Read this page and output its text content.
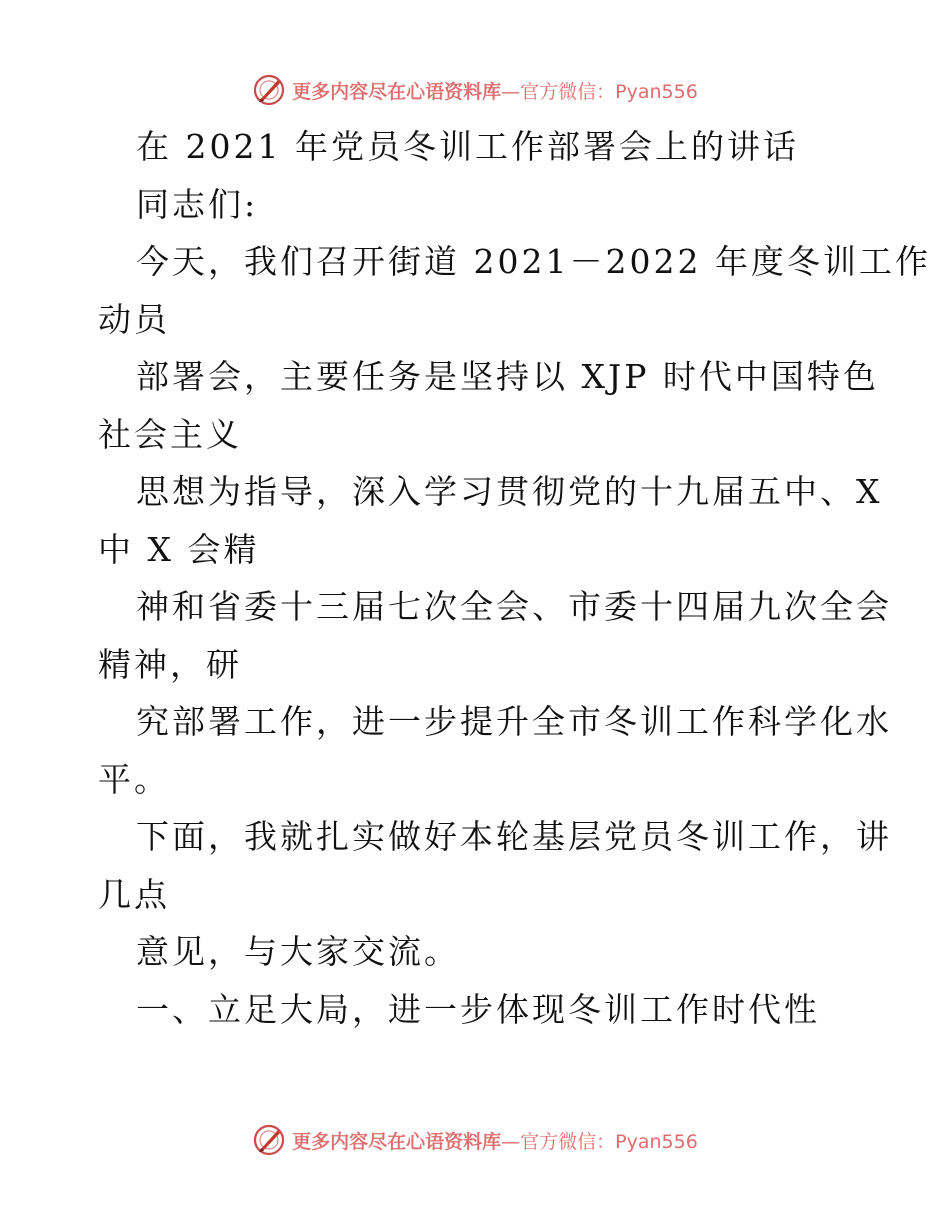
更多内容尽在心语资料库—官方微信：Pyan556
在 2021 年党员冬训工作部署会上的讲话
同志们:
今天，我们召开街道 2021－2022 年度冬训工作
动员
部署会，主要任务是坚持以 XJP 时代中国特色
社会主义
思想为指导，深入学习贯彻党的十九届五中、X
中 X 会精
神和省委十三届七次全会、市委十四届九次全会
精神，研
究部署工作，进一步提升全市冬训工作科学化水
平。
下面，我就扎实做好本轮基层党员冬训工作，讲
几点
意见，与大家交流。
一、立足大局，进一步体现冬训工作时代性
更多内容尽在心语资料库—官方微信：Pyan556
